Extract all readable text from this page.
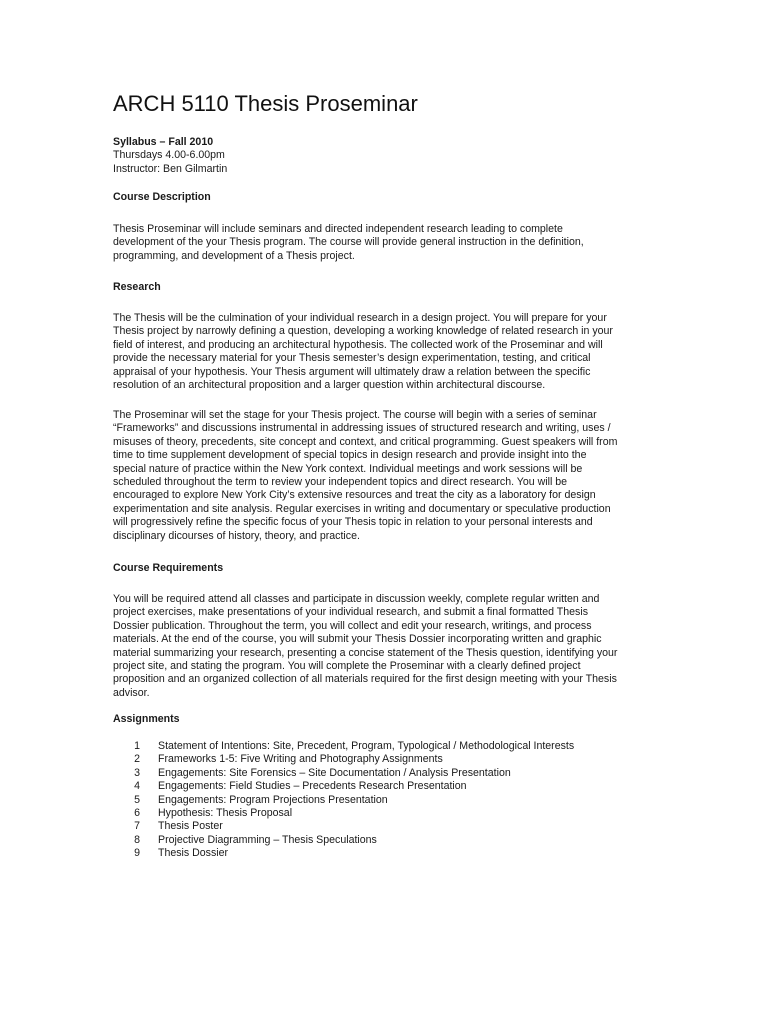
ARCH 5110 Thesis Proseminar
Syllabus – Fall 2010
Thursdays 4.00-6.00pm
Instructor: Ben Gilmartin
Course Description
Thesis Proseminar will include seminars and directed independent research leading to complete
development of the your Thesis program. The course will provide general instruction in the definition,
programming, and development of a Thesis project.
Research
The Thesis will be the culmination of your individual research in a design project. You will prepare for your
Thesis project by narrowly defining a question, developing a working knowledge of related research in your
field of interest, and producing an architectural hypothesis. The collected work of the Proseminar and will
provide the necessary material for your Thesis semester’s design experimentation, testing, and critical
appraisal of your hypothesis. Your Thesis argument will ultimately draw a relation between the specific
resolution of an architectural proposition and a larger question within architectural discourse.
The Proseminar will set the stage for your Thesis project. The course will begin with a series of seminar
“Frameworks” and discussions instrumental in addressing issues of structured research and writing, uses /
misuses of theory, precedents, site concept and context, and critical programming. Guest speakers will from
time to time supplement development of special topics in design research and provide insight into the
special nature of practice within the New York context. Individual meetings and work sessions will be
scheduled throughout the term to review your independent topics and direct research. You will be
encouraged to explore New York City’s extensive resources and treat the city as a laboratory for design
experimentation and site analysis. Regular exercises in writing and documentary or speculative production
will progressively refine the specific focus of your Thesis topic in relation to your personal interests and
disciplinary dicourses of history, theory, and practice.
Course Requirements
You will be required attend all classes and participate in discussion weekly, complete regular written and
project exercises, make presentations of your individual research, and submit a final formatted Thesis
Dossier publication. Throughout the term, you will collect and edit your research, writings, and process
materials. At the end of the course, you will submit your Thesis Dossier incorporating written and graphic
material summarizing your research, presenting a concise statement of the Thesis question, identifying your
project site, and stating the program. You will complete the Proseminar with a clearly defined project
proposition and an organized collection of all materials required for the first design meeting with your Thesis
advisor.
Assignments
1 Statement of Intentions: Site, Precedent, Program, Typological / Methodological Interests
2 Frameworks 1-5: Five Writing and Photography Assignments
3 Engagements: Site Forensics – Site Documentation / Analysis Presentation
4 Engagements: Field Studies – Precedents Research Presentation
5 Engagements: Program Projections Presentation
6 Hypothesis: Thesis Proposal
7 Thesis Poster
8 Projective Diagramming – Thesis Speculations
9 Thesis Dossier
